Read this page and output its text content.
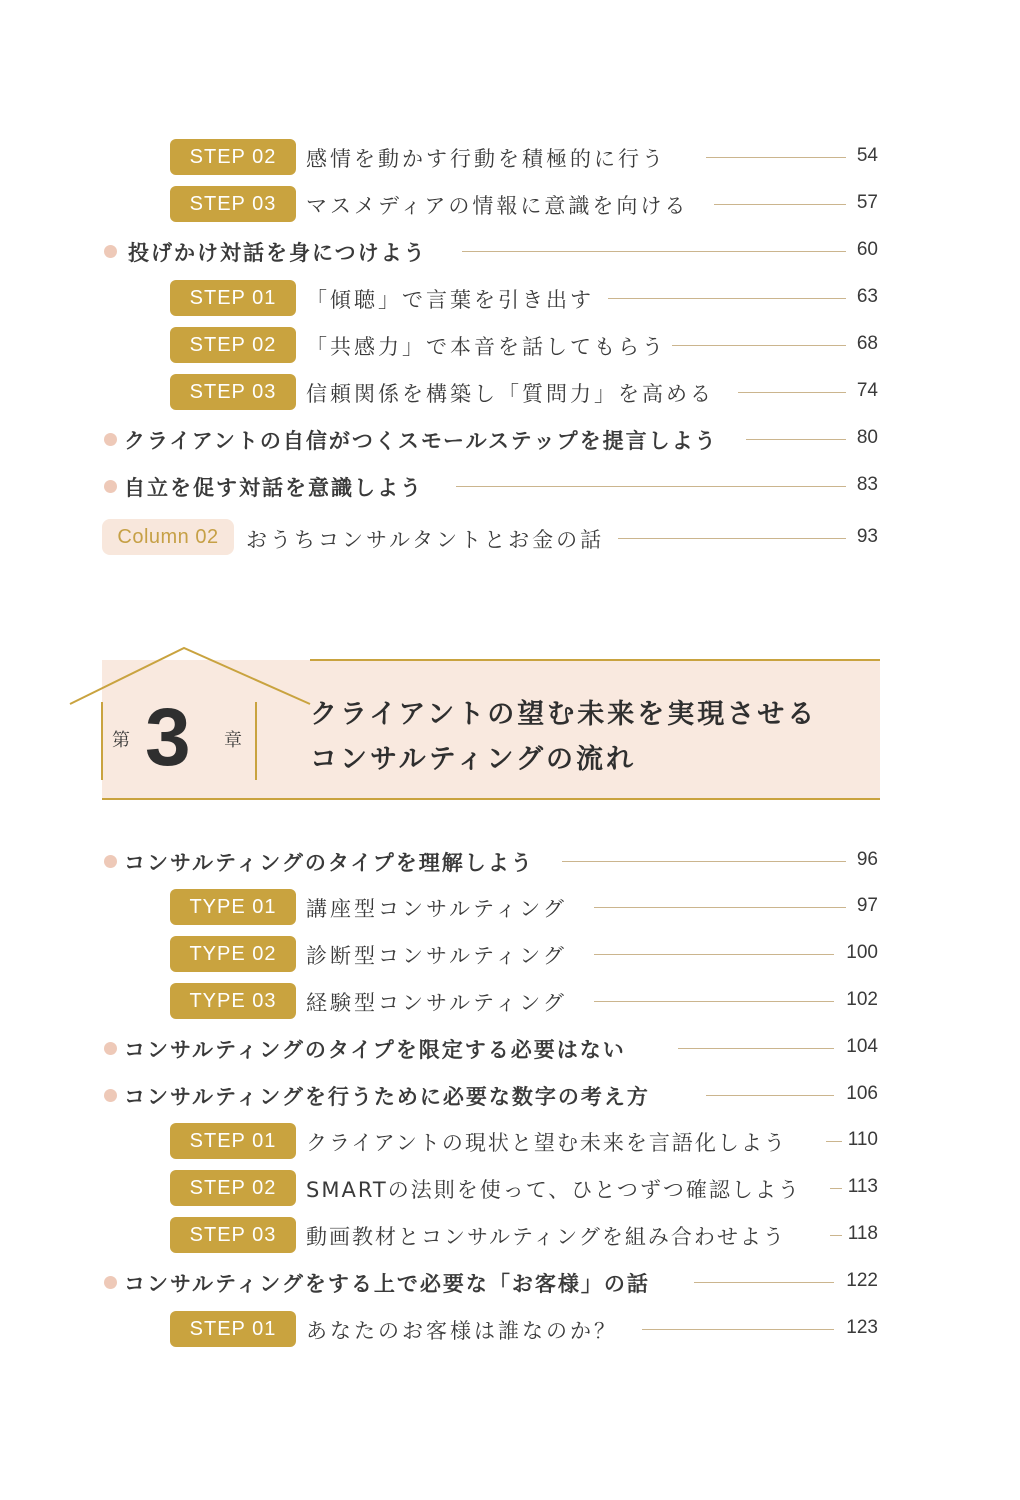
STEP 02	感情を動かす行動を積極的に行う	54
STEP 03	マスメディアの情報に意識を向ける	57
投げかけ対話を身につけよう	60
STEP 01	「傾聴」で言葉を引き出す	63
STEP 02	「共感力」で本音を話してもらう	68
STEP 03	信頼関係を構築し「質問力」を高める	74
クライアントの自信がつくスモールステップを提言しよう	80
自立を促す対話を意識しよう	83
Column 02	おうちコンサルタントとお金の話	93
第 3 章
クライアントの望む未来を実現させる
コンサルティングの流れ
コンサルティングのタイプを理解しよう	96
TYPE 01	講座型コンサルティング	97
TYPE 02	診断型コンサルティング	100
TYPE 03	経験型コンサルティング	102
コンサルティングのタイプを限定する必要はない	104
コンサルティングを行うために必要な数字の考え方	106
STEP 01	クライアントの現状と望む未来を言語化しよう	110
STEP 02	SMARTの法則を使って、ひとつずつ確認しよう	113
STEP 03	動画教材とコンサルティングを組み合わせよう	118
コンサルティングをする上で必要な「お客様」の話	122
STEP 01	あなたのお客様は誰なのか？	123
